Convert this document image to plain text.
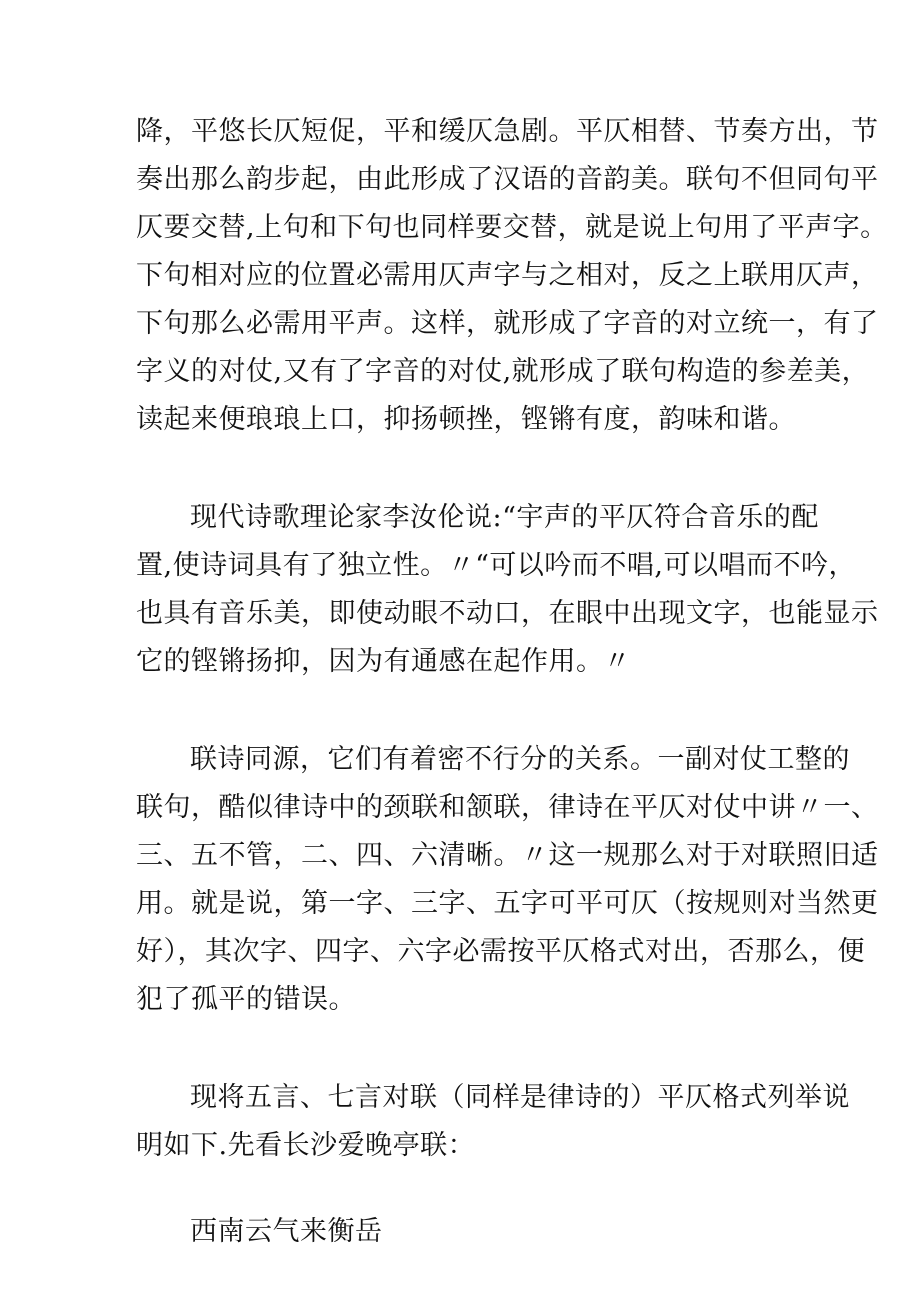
降，平悠长仄短促，平和缓仄急剧。平仄相替、节奏方出，节
奏出那么韵步起，由此形成了汉语的音韵美。联句不但同句平
仄要交替,上句和下句也同样要交替，就是说上句用了平声字。
下句相对应的位置必需用仄声字与之相对，反之上联用仄声，
下句那么必需用平声。这样，就形成了字音的对立统一，有了
字义的对仗,又有了字音的对仗,就形成了联句构造的参差美，
读起来便琅琅上口，抑扬顿挫，铿锵有度，韵味和谐。
现代诗歌理论家李汝伦说:“宇声的平仄符合音乐的配
置,使诗词具有了独立性。〃“可以吟而不唱,可以唱而不吟，
也具有音乐美，即使动眼不动口，在眼中出现文字，也能显示
它的铿锵扬抑，因为有通感在起作用。〃
联诗同源，它们有着密不行分的关系。一副对仗工整的
联句，酷似律诗中的颈联和颔联，律诗在平仄对仗中讲〃一、
三、五不管，二、四、六清晰。〃这一规那么对于对联照旧适
用。就是说，第一字、三字、五字可平可仄（按规则对当然更
好），其次字、四字、六字必需按平仄格式对出，否那么，便
犯了孤平的错误。
现将五言、七言对联（同样是律诗的）平仄格式列举说
明如下.先看长沙爱晚亭联：
西南云气来衡岳
